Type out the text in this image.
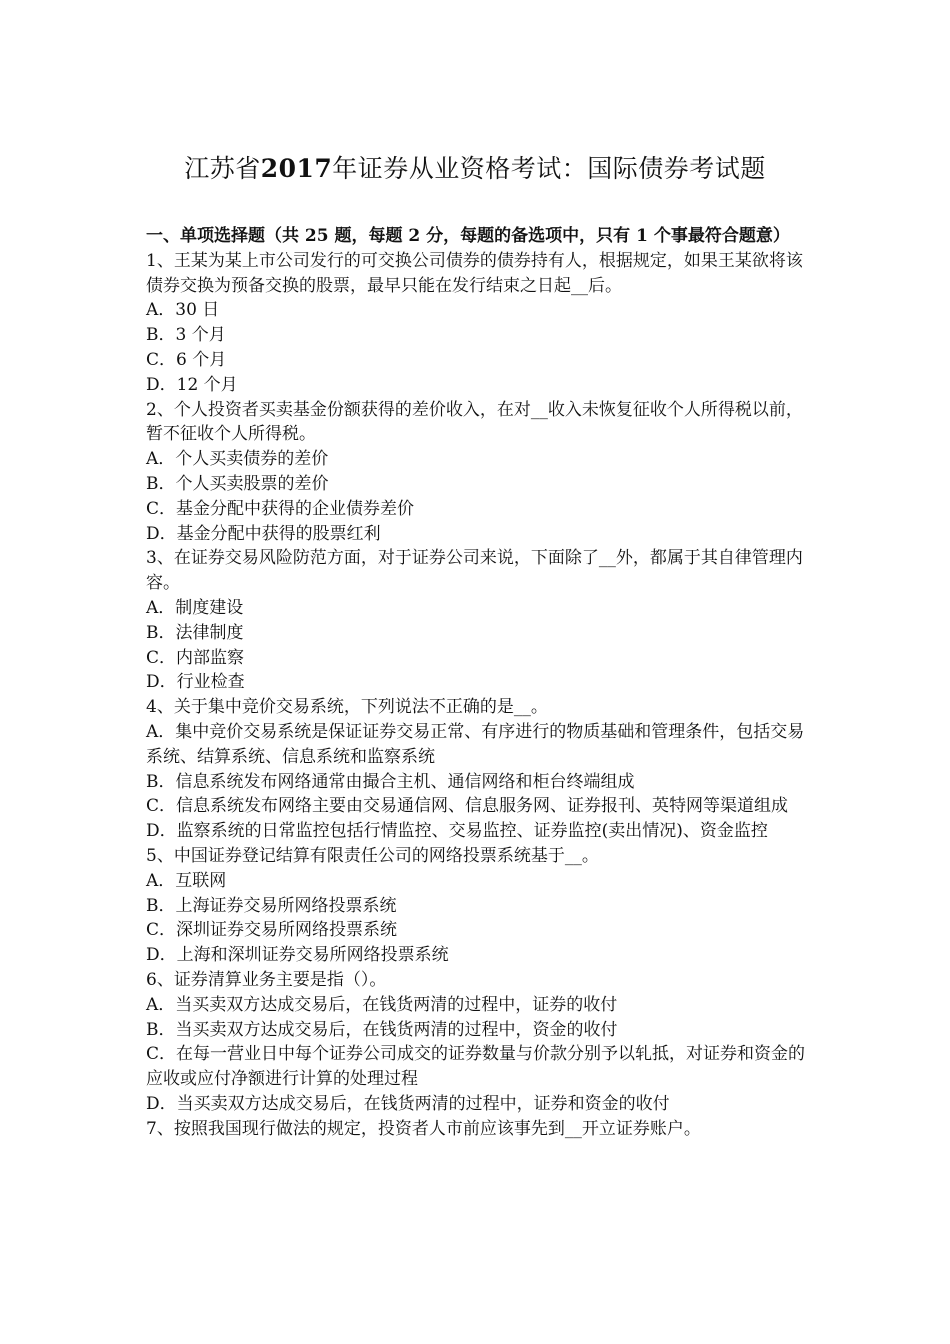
江苏省2017年证券从业资格考试：国际债券考试题

一、单项选择题（共 25 题，每题 2 分，每题的备选项中，只有 1 个事最符合题意）

1、王某为某上市公司发行的可交换公司债券的债券持有人，根据规定，如果王某欲将该债券交换为预备交换的股票，最早只能在发行结束之日起__后。

A．30 日

B．3 个月

C．6 个月

D．12 个月

2、个人投资者买卖基金份额获得的差价收入，在对__收入未恢复征收个人所得税以前，暂不征收个人所得税。

A．个人买卖债券的差价

B．个人买卖股票的差价

C．基金分配中获得的企业债券差价

D．基金分配中获得的股票红利

3、在证券交易风险防范方面，对于证券公司来说，下面除了__外，都属于其自律管理内容。

A．制度建设

B．法律制度

C．内部监察

D．行业检查

4、关于集中竞价交易系统，下列说法不正确的是__。

A．集中竞价交易系统是保证证券交易正常、有序进行的物质基础和管理条件，包括交易系统、结算系统、信息系统和监察系统

B．信息系统发布网络通常由撮合主机、通信网络和柜台终端组成

C．信息系统发布网络主要由交易通信网、信息服务网、证券报刊、英特网等渠道组成

D．监察系统的日常监控包括行情监控、交易监控、证券监控(卖出情况)、资金监控

5、中国证券登记结算有限责任公司的网络投票系统基于__。

A．互联网

B．上海证券交易所网络投票系统

C．深圳证券交易所网络投票系统

D．上海和深圳证券交易所网络投票系统

6、证券清算业务主要是指（）。

A．当买卖双方达成交易后，在钱货两清的过程中，证券的收付

B．当买卖双方达成交易后，在钱货两清的过程中，资金的收付

C．在每一营业日中每个证券公司成交的证券数量与价款分别予以轧抵，对证券和资金的应收或应付净额进行计算的处理过程

D．当买卖双方达成交易后，在钱货两清的过程中，证券和资金的收付

7、按照我国现行做法的规定，投资者人市前应该事先到__开立证券账户。
